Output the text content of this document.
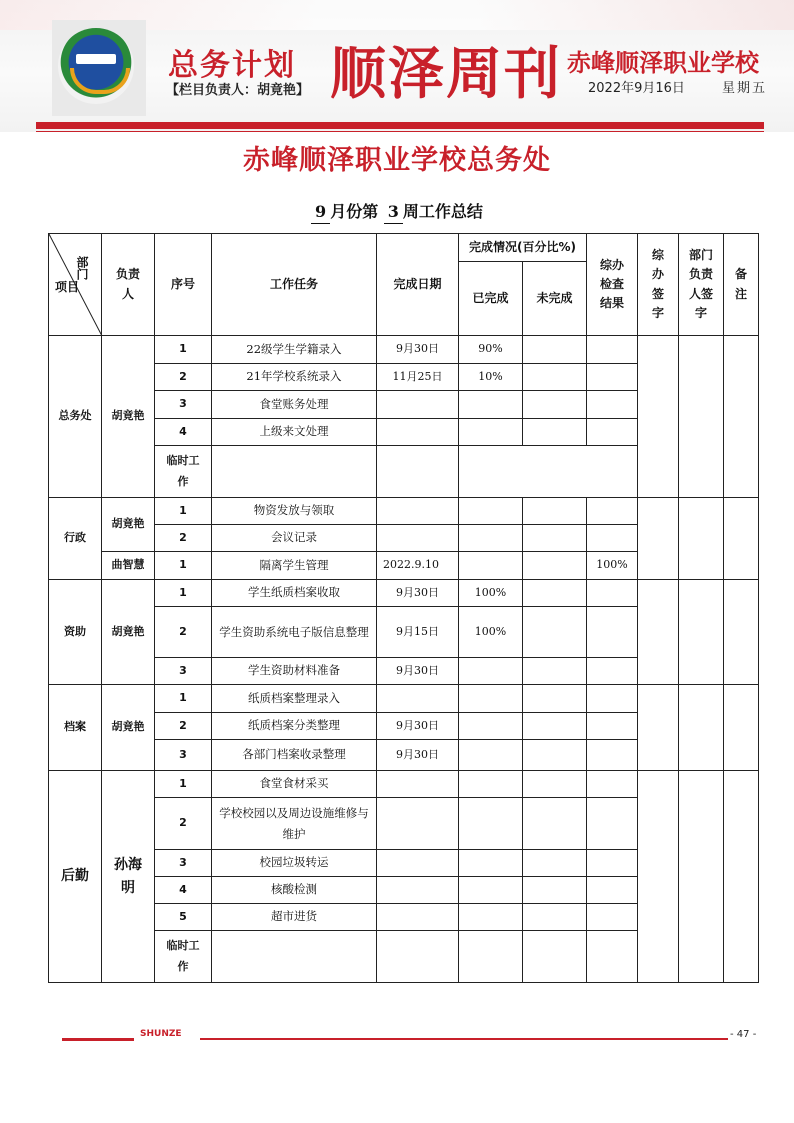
总务计划
【栏目负责人：胡竟艳】 顺泽周刊 赤峰顺泽职业学校
2022年9月16日	星期五
赤峰顺泽职业学校总务处
9 月份第 3 周工作总结
部门
项目	负责人	序号	工作任务	完成日期	完成情况(百分比%)		综办检查结果	综办签字	部门负责人签字	备注

					已完成	未完成				
总务处	胡竟艳	1	22级学生学籍录入	9月30日	90%					
		2	21年学校系统录入	11月25日	10%					
		3	食堂账务处理							
		4	上级来文处理							

		临时工作								

行政	胡竟艳	1	物资发放与领取							
		2	会议记录							
	曲智慧	1	隔离学生管理	2022.9.10			100%			
资助	胡竟艳	1	学生纸质档案收取	9月30日	100%					
		2	学生资助系统电子版信息整理	9月15日	100%					
		3	学生资助材料准备	9月30日						
档案	胡竟艳	1	纸质档案整理录入							
		2	纸质档案分类整理	9月30日						
		3	各部门档案收录整理	9月30日						
后勤	孙海明	1	食堂食材采买							
		2	学校校园以及周边设施维修与维护							

		3	校园垃圾转运							
		4	核酸检测							
		5	超市进货							

		临时工作								

SHUNZE	- 47 -
